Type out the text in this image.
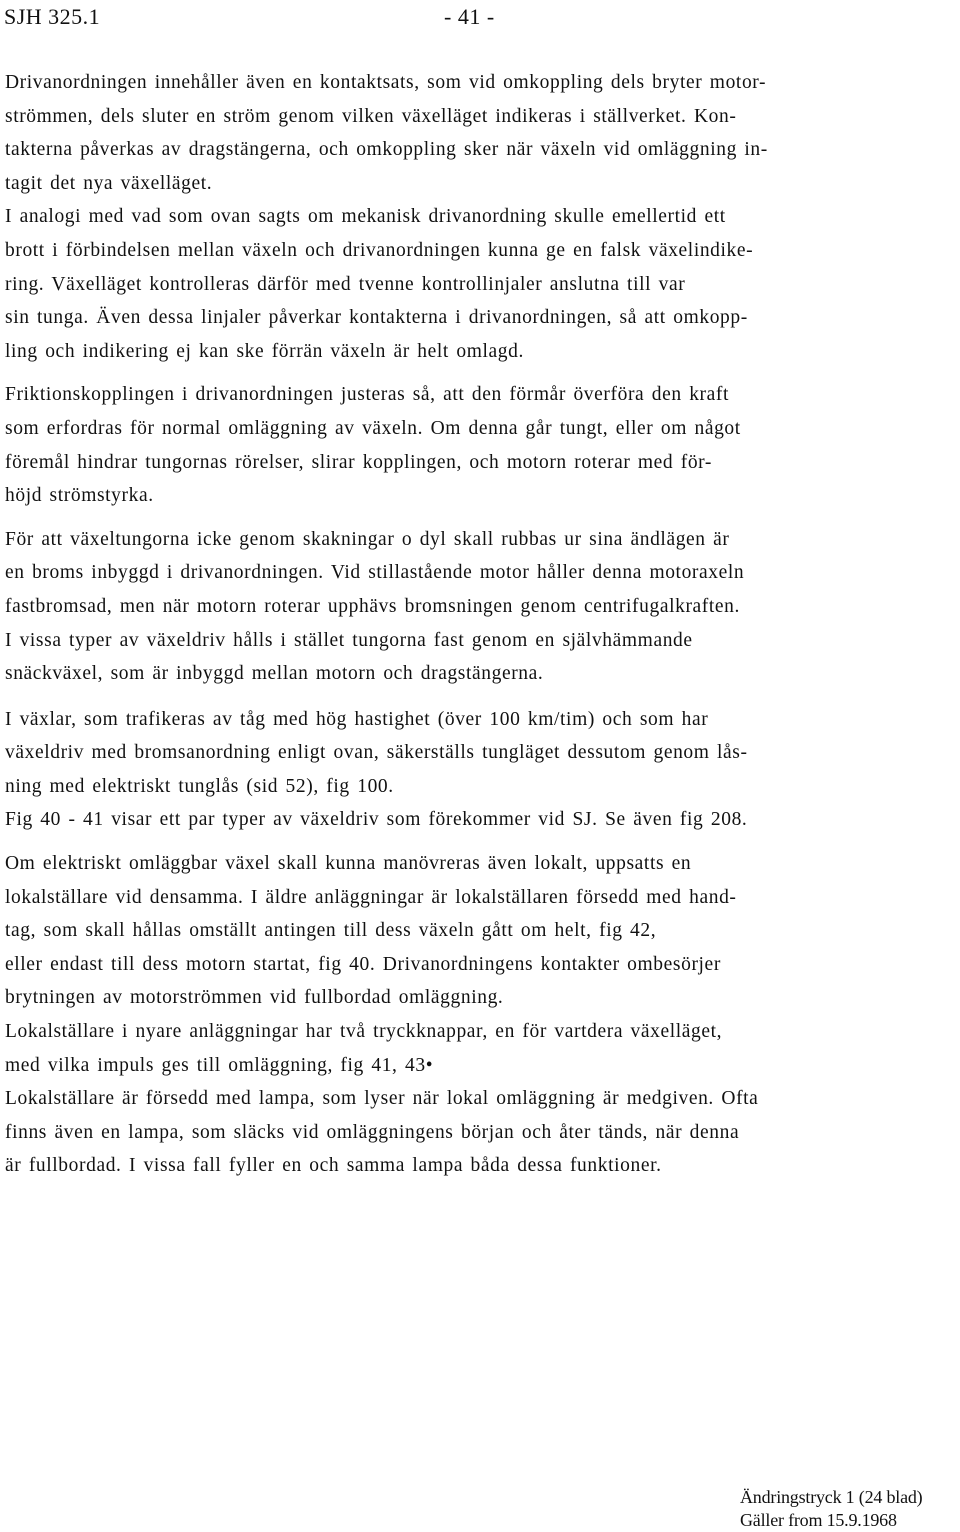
SJH 325.1	- 41 -
Drivanordningen innehåller även en kontaktsats, som vid omkoppling dels bryter motor-
strömmen, dels sluter en ström genom vilken växelläget indikeras i ställverket. Kon-
takterna påverkas av dragstängerna, och omkoppling sker när växeln vid omläggning in-
tagit det nya växelläget.
I analogi med vad som ovan sagts om mekanisk drivanordning skulle emellertid ett
brott i förbindelsen mellan växeln och drivanordningen kunna ge en falsk växelindike-
ring. Växelläget kontrolleras därför med tvenne kontrollinjaler anslutna till var
sin tunga. Även dessa linjaler påverkar kontakterna i drivanordningen, så att omkopp-
ling och indikering ej kan ske förrän växeln är helt omlagd.
Friktionskopplingen i drivanordningen justeras så, att den förmår överföra den kraft
som erfordras för normal omläggning av växeln. Om denna går tungt, eller om något
föremål hindrar tungornas rörelser, slirar kopplingen, och motorn roterar med för-
höjd strömstyrka.
För att växeltungorna icke genom skakningar o dyl skall rubbas ur sina ändlägen är
en broms inbyggd i drivanordningen. Vid stillastående motor håller denna motoraxeln
fastbromsad, men när motorn roterar upphävs bromsningen genom centrifugalkraften.
I vissa typer av växeldriv hålls i stället tungorna fast genom en självhämmande
snäckväxel, som är inbyggd mellan motorn och dragstängerna.
I växlar, som trafikeras av tåg med hög hastighet (över 100 km/tim) och som har
växeldriv med bromsanordning enligt ovan, säkerställs tungläget dessutom genom lås-
ning med elektriskt tunglås (sid 52), fig 100.
Fig 40 - 41 visar ett par typer av växeldriv som förekommer vid SJ. Se även fig 208.
Om elektriskt omläggbar växel skall kunna manövreras även lokalt, uppsatts en
lokalställare vid densamma. I äldre anläggningar är lokalställaren försedd med hand-
tag, som skall hållas omställt antingen till dess växeln gått om helt, fig 42,
eller endast till dess motorn startat, fig 40. Drivanordningens kontakter ombesörjer
brytningen av motorströmmen vid fullbordad omläggning.
Lokalställare i nyare anläggningar har två tryckknappar, en för vartdera växelläget,
med vilka impuls ges till omläggning, fig 41, 43•
Lokalställare är försedd med lampa, som lyser när lokal omläggning är medgiven. Ofta
finns även en lampa, som släcks vid omläggningens början och åter tänds, när denna
är fullbordad. I vissa fall fyller en och samma lampa båda dessa funktioner.
Ändringstryck 1 (24 blad)
Gäller from 15.9.1968
